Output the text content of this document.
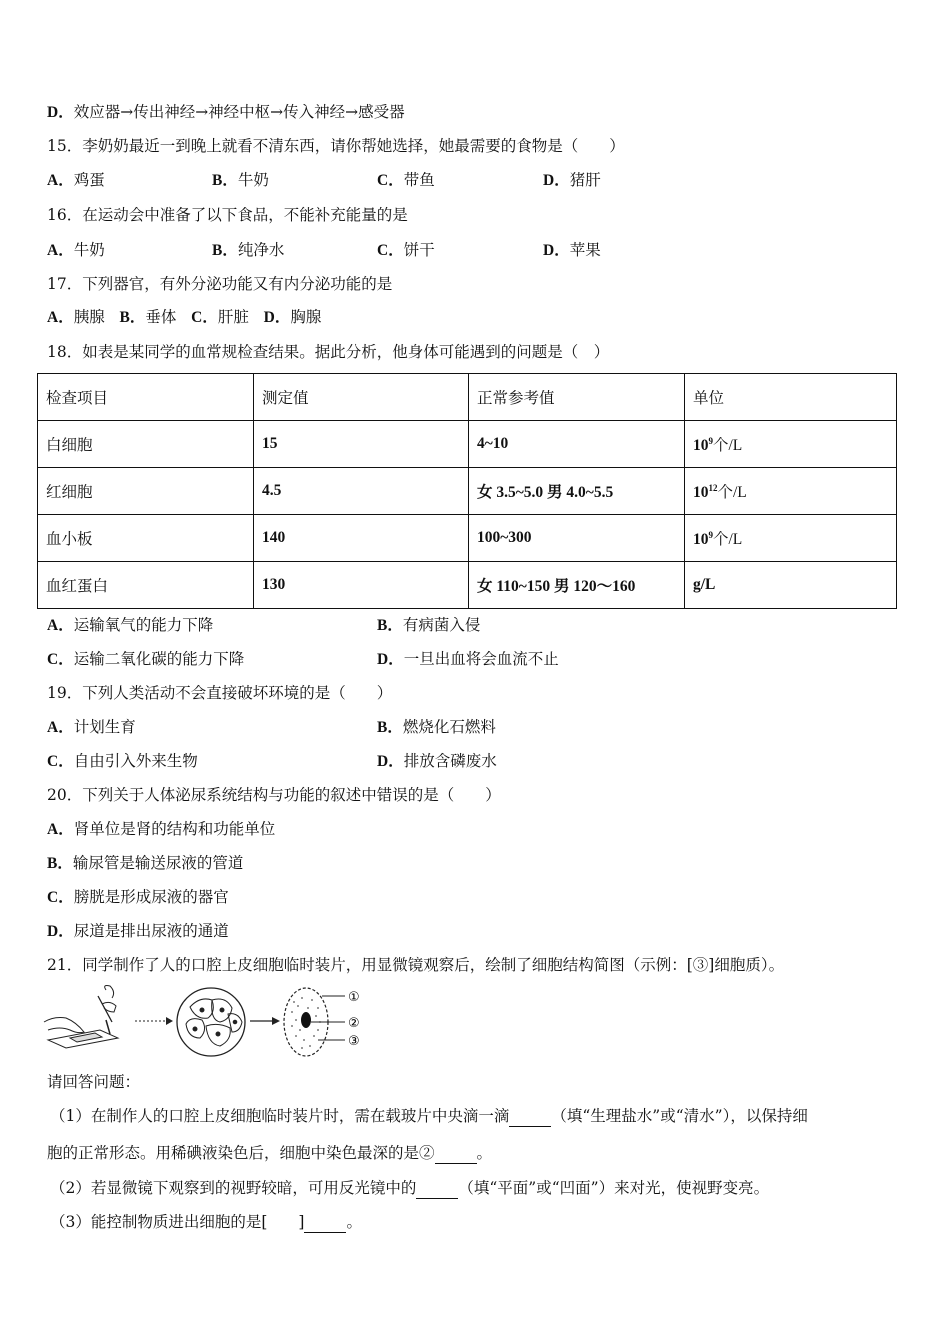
D．效应器→传出神经→神经中枢→传入神经→感受器
15．李奶奶最近一到晚上就看不清东西，请你帮她选择，她最需要的食物是（　　）
A．鸡蛋	B．牛奶	C．带鱼	D．猪肝
16．在运动会中准备了以下食品，不能补充能量的是
A．牛奶	B．纯净水	C．饼干	D．苹果
17．下列器官，有外分泌功能又有内分泌功能的是
A．胰腺 B．垂体 C．肝脏 D．胸腺
18．如表是某同学的血常规检查结果。据此分析，他身体可能遇到的问题是（　）
检查项目	测定值	正常参考值	单位
白细胞	15	4~10	$10^9$个/L
红细胞	4.5	女 3.5~5.0 男 4.0~5.5	$10^{12}$个/L
血小板	140	100~300	$10^9$个/L
血红蛋白	130	女 110~150 男 120～160	g/L
A．运输氧气的能力下降	B．有病菌入侵
C．运输二氧化碳的能力下降	D．一旦出血将会血流不止
19．下列人类活动不会直接破坏环境的是（　　）
A．计划生育	B．燃烧化石燃料
C．自由引入外来生物	D．排放含磷废水
20．下列关于人体泌尿系统结构与功能的叙述中错误的是（　　）
A．肾单位是肾的结构和功能单位
B．输尿管是输送尿液的管道
C．膀胱是形成尿液的器官
D．尿道是排出尿液的通道
21．同学制作了人的口腔上皮细胞临时装片，用显微镜观察后，绘制了细胞结构简图（示例：[③]细胞质）。
①
②
③
请回答问题：
（1）在制作人的口腔上皮细胞临时装片时，需在载玻片中央滴一滴	（填“生理盐水”或“清水”），以保持细
胞的正常形态。用稀碘液染色后，细胞中染色最深的是②	。
（2）若显微镜下观察到的视野较暗，可用反光镜中的	（填“平面”或“凹面”）来对光，使视野变亮。
（3）能控制物质进出细胞的是[　　]	。
